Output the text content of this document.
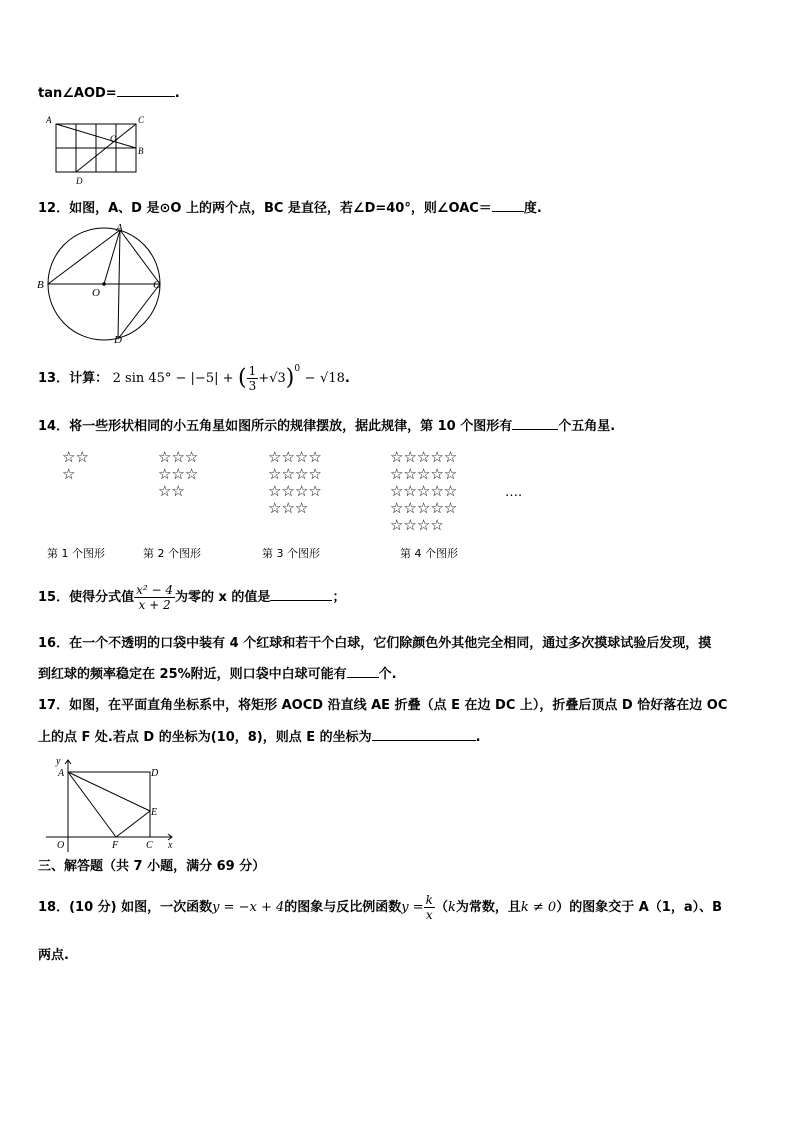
tan∠AOD=	.
A	C
O
B
D
12．如图，A、D 是⊙O 上的两个点，BC 是直径，若∠D=40°，则∠OAC＝ 度.
A
B
O
C
D
13．计算： 2 sin 45° − |−5| + ( $\frac{1}{3} +√3)^0 - √18$.
14．将一些形状相同的小五角星如图所示的规律摆放，据此规律，第 10 个图形有	个五角星.
☆☆
☆
第 1 个图形
☆☆☆
☆☆☆
☆☆
第 2 个图形
☆☆☆☆
☆☆☆☆
☆☆☆☆
☆☆☆
第 3 个图形
☆☆☆☆☆
☆☆☆☆☆
☆☆☆☆☆
☆☆☆☆☆
☆☆☆☆
第 4 个图形
….
15．使得分式值 $\frac{\text{x² − 4}}{x + 2}$ 为零的 x 的值是	；
16．在一个不透明的口袋中装有 4 个红球和若干个白球，它们除颜色外其他完全相同，通过多次摸球试验后发现，摸
到红球的频率稳定在 25%附近，则口袋中白球可能有 个.
17．如图，在平面直角坐标系中，将矩形 AOCD 沿直线 AE 折叠（点 E 在边 DC 上），折叠后顶点 D 恰好落在边 OC
上的点 F 处.若点 D 的坐标为(10，8)，则点 E 的坐标为	.
y
A	D
E
O	F	C x
三、解答题（共 7 小题，满分 69 分）
18．(10 分) 如图，一次函数y = −x + 4的图象与反比例函数$y = \frac{k}{x} (k$为常数，且k ≠ 0）的图象交于 A（1，a）、B
两点.
